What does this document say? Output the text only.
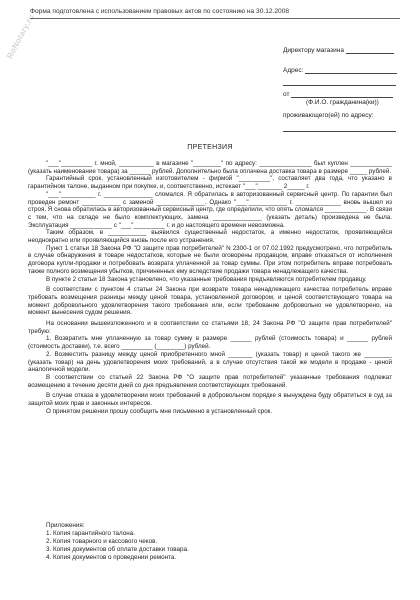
RoNotary.ru
Форма подготовлена с использованием правовых актов по состоянию на 30.12.2008
Директору магазина
Адрес:
от
(Ф.И.О. гражданина(ки))
проживающего(ей) по адресу:
ПРЕТЕНЗИЯ

"___"_________ г. мной, __________ в магазине "________" по адресу: _______________ был куплен ____________ (указать наименование товара) за ______ рублей. Дополнительно была оплачена доставка товара в размере _____ рублей.

Гарантийный срок, установленный изготовителем - фирмой "_________", составляет два года, что указано в гарантийном талоне, выданном при покупке, и, соответственно, истекает "___"_______ 2_____ г.

"___"__________ г. ______________ сломался. Я обратилась в авторизованный сервисный центр. По гарантии был проведен ремонт ___________ с заменой ______________. Однако "___"___________ г. _____________ вновь вышел из строя. Я снова обратилась в авторизованный сервисный центр, где определили, что опять сломался ____________. В связи с тем, что на складе не было комплектующих, замена ______________ (указать деталь) произведена не была. Эксплуатация ____________ с "___"_________ г. и до настоящего времени невозможна.

Таким образом, в ___________ выявился существенный недостаток, а именно недостаток, проявляющийся неоднократно или проявляющийся вновь после его устранения.

Пункт 1 статьи 18 Закона РФ "О защите прав потребителей" N 2300-1 от 07.02.1992 предусмотрено, что потребитель в случае обнаружения в товаре недостатков, которые не были оговорены продавцом, вправе отказаться от исполнения договора купли-продажи и потребовать возврата уплаченной за товар суммы. При этом потребитель вправе потребовать также полного возмещения убытков, причиненных ему вследствие продажи товара ненадлежащего качества.

В пункте 2 статьи 18 Закона установлено, что указанные требования предъявляются потребителем продавцу.

В соответствии с пунктом 4 статьи 24 Закона при возврате товара ненадлежащего качества потребитель вправе требовать возмещения разницы между ценой товара, установленной договором, и ценой соответствующего товара на момент добровольного удовлетворения такого требования или, если требование добровольно не удовлетворено, на момент вынесения судом решения.

На основании вышеизложенного и в соответствии со статьями 18, 24 Закона РФ "О защите прав потребителей" требую:

1. Возвратить мне уплаченную за товар сумму в размере ______ рублей (стоимость товара) и ______ рублей (стоимость доставки), т.е. всего _________ (________) рублей.

2. Возместить разницу между ценой приобретенного мной _______ (указать товар) и ценой такого же ________ (указать товар) на день удовлетворения моих требований, а в случае отсутствия такой же модели в продаже - ценой аналогичной модели.

В соответствии со статьей 22 Закона РФ "О защите прав потребителей" указанные требования подлежат возмещению в течение десяти дней со дня предъявления соответствующих требований.

В случае отказа в удовлетворении моих требований в добровольном порядке я вынуждена буду обратиться в суд за защитой моих прав и законных интересов.

О принятом решении прошу сообщить мне письменно в установленный срок.

Приложения:
1. Копия гарантийного талона.
2. Копия товарного и кассового чеков.
3. Копия документов об оплате доставки товара.
4. Копия документов о проведении ремонта.
